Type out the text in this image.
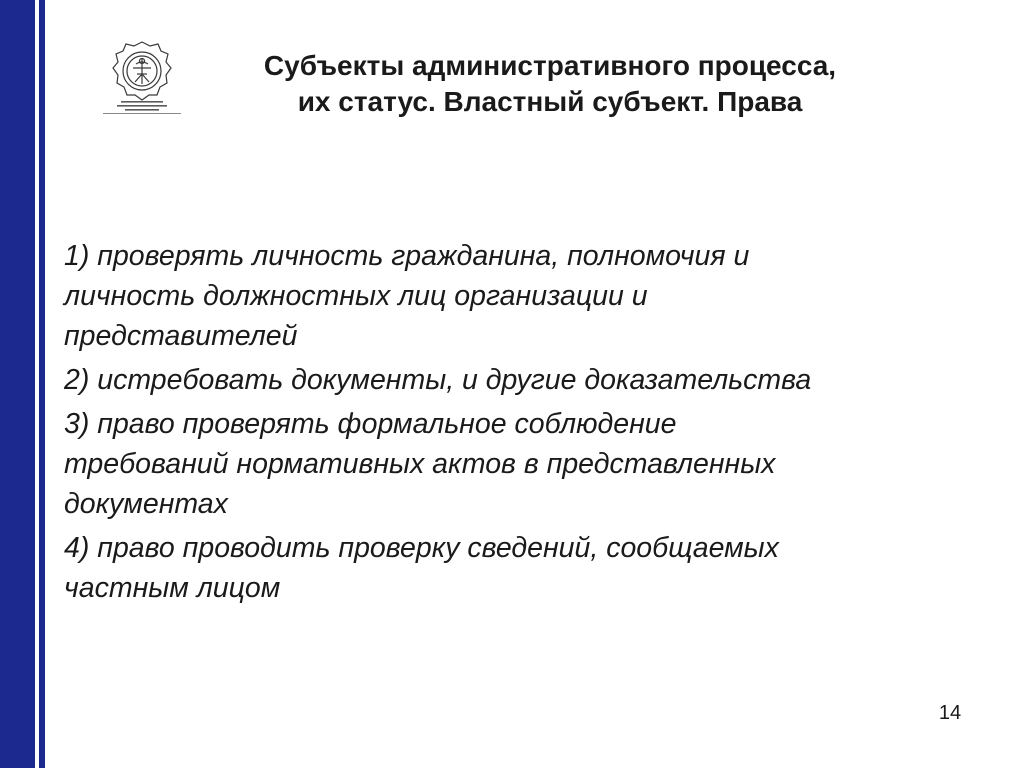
Субъекты административного процесса,
их статус. Властный субъект. Права
1) проверять личность гражданина, полномочия и
личность должностных лиц организации и
представителей
2) истребовать документы, и другие доказательства
3) право проверять формальное соблюдение
требований нормативных актов в представленных
документах
4) право проводить проверку сведений, сообщаемых
частным лицом
14
